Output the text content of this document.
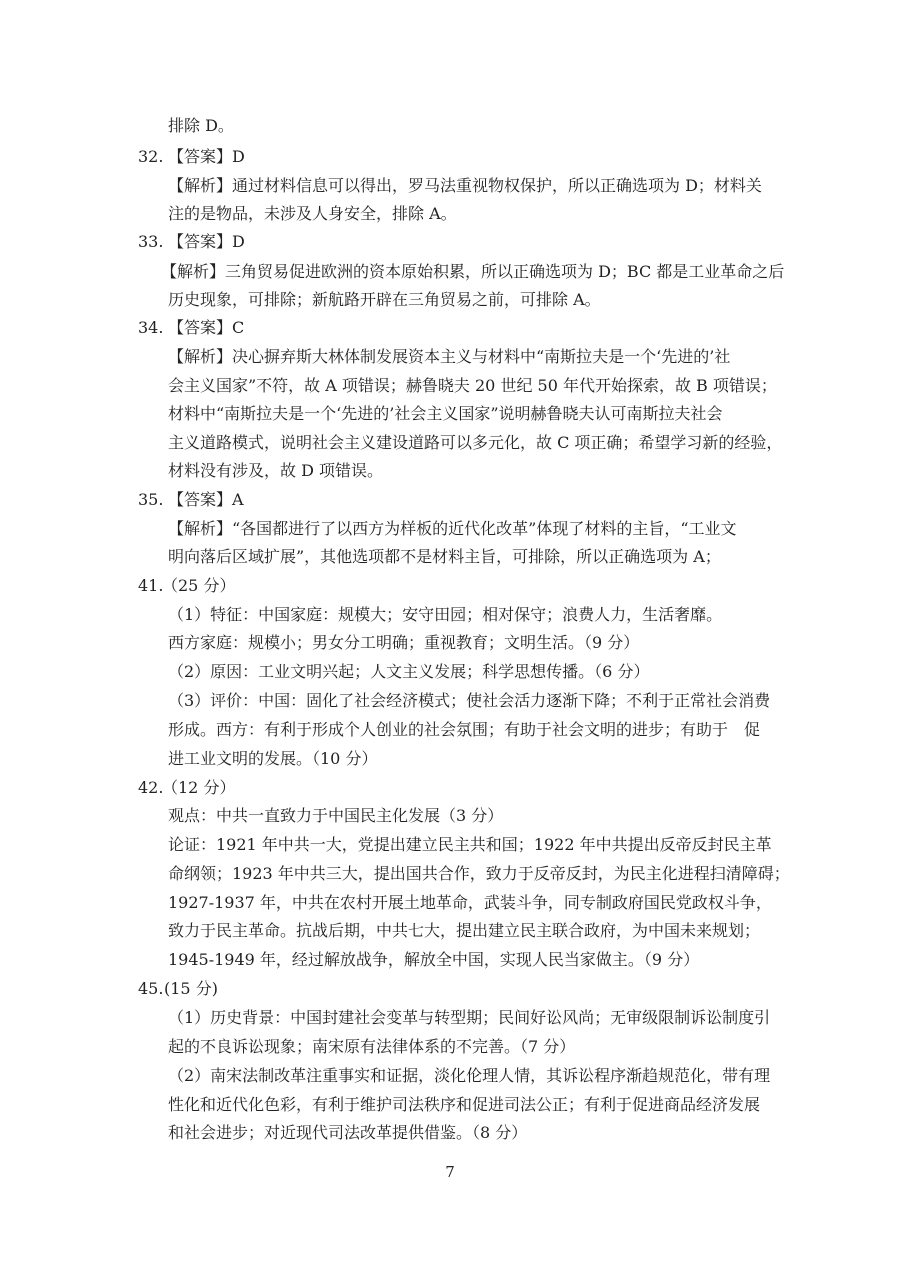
排除 D。
32. 【答案】D
【解析】通过材料信息可以得出，罗马法重视物权保护，所以正确选项为 D；材料关
注的是物品，未涉及人身安全，排除 A。
33. 【答案】D
【解析】三角贸易促进欧洲的资本原始积累，所以正确选项为 D；BC 都是工业革命之后
历史现象，可排除；新航路开辟在三角贸易之前，可排除 A。
34. 【答案】C
【解析】决心摒弃斯大林体制发展资本主义与材料中“南斯拉夫是一个‘先进的’社
会主义国家”不符，故 A 项错误；赫鲁晓夫 20 世纪 50 年代开始探索，故 B 项错误；
材料中“南斯拉夫是一个‘先进的’社会主义国家”说明赫鲁晓夫认可南斯拉夫社会
主义道路模式，说明社会主义建设道路可以多元化，故 C 项正确；希望学习新的经验，
材料没有涉及，故 D 项错误。
35. 【答案】A
【解析】“各国都进行了以西方为样板的近代化改革”体现了材料的主旨，“工业文
明向落后区域扩展”，其他选项都不是材料主旨，可排除，所以正确选项为 A；
41.
（25 分）
（1）特征：中国家庭：规模大；安守田园；相对保守；浪费人力，生活奢靡。
西方家庭：规模小；男女分工明确；重视教育；文明生活。（9 分）
（2）原因：工业文明兴起；人文主义发展；科学思想传播。（6 分）
（3）评价：中国：固化了社会经济模式；使社会活力逐渐下降；不利于正常社会消费
形成。西方：有利于形成个人创业的社会氛围；有助于社会文明的进步；有助于　促
进工业文明的发展。（10 分）
42.
（12 分）
观点：中共一直致力于中国民主化发展（3 分）
论证：1921 年中共一大，党提出建立民主共和国；1922 年中共提出反帝反封民主革
命纲领；1923 年中共三大，提出国共合作，致力于反帝反封，为民主化进程扫清障碍；
1927-1937 年，中共在农村开展土地革命，武装斗争，同专制政府国民党政权斗争，
致力于民主革命。抗战后期，中共七大，提出建立民主联合政府，为中国未来规划；
1945-1949 年，经过解放战争，解放全中国，实现人民当家做主。（9 分）
45. (15 分)
（1）历史背景：中国封建社会变革与转型期；民间好讼风尚；无审级限制诉讼制度引
起的不良诉讼现象；南宋原有法律体系的不完善。（7 分）
（2）南宋法制改革注重事实和证据，淡化伦理人情，其诉讼程序渐趋规范化，带有理
性化和近代化色彩，有利于维护司法秩序和促进司法公正；有利于促进商品经济发展
和社会进步；对近现代司法改革提供借鉴。（8 分）
7
